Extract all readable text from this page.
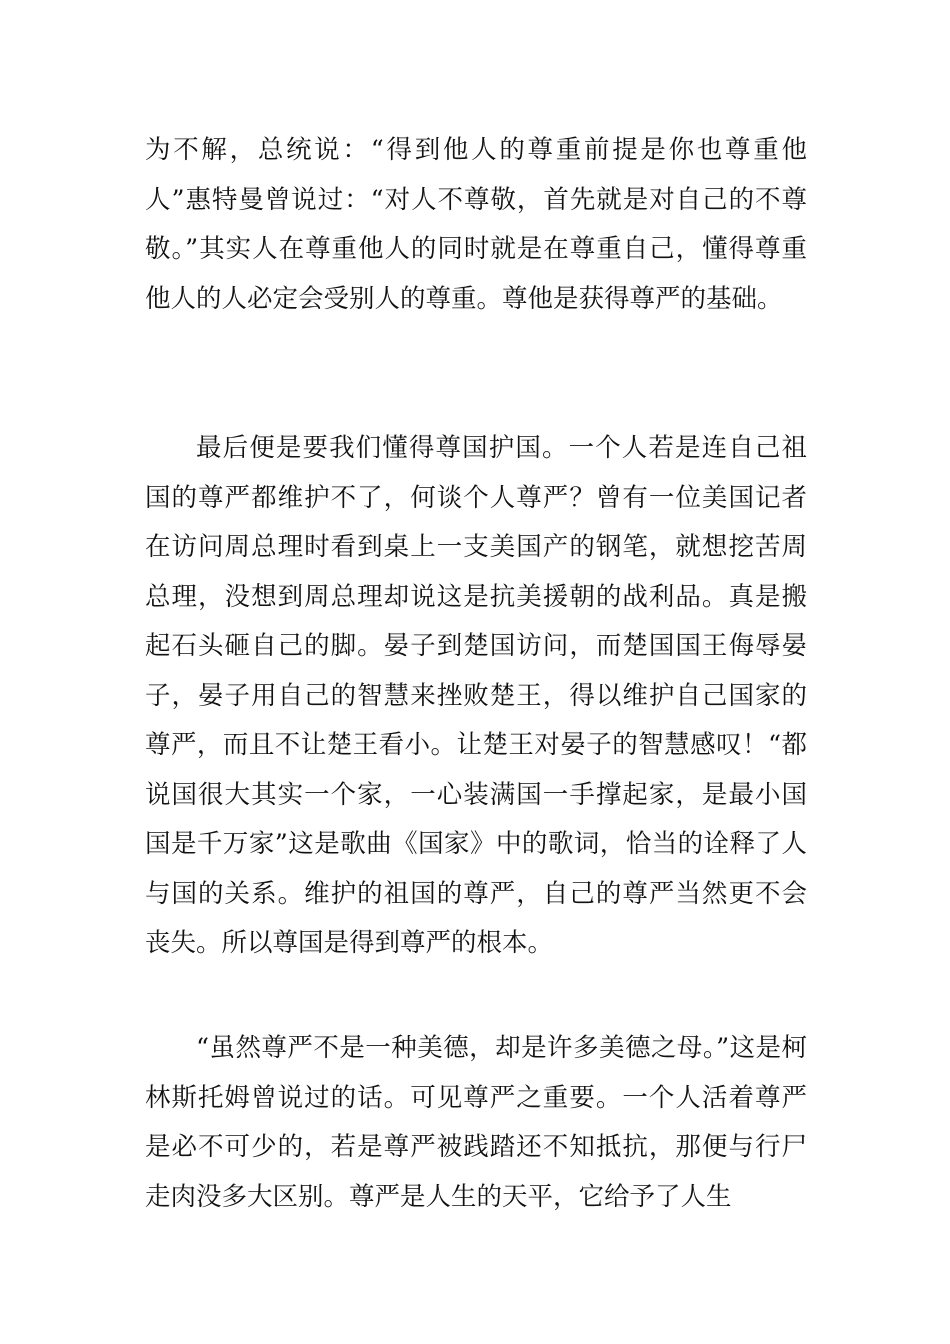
为不解，总统说：“得到他人的尊重前提是你也尊重他人”惠特曼曾说过：“对人不尊敬，首先就是对自己的不尊敬。”其实人在尊重他人的同时就是在尊重自己，懂得尊重他人的人必定会受别人的尊重。尊他是获得尊严的基础。

最后便是要我们懂得尊国护国。一个人若是连自己祖国的尊严都维护不了，何谈个人尊严？曾有一位美国记者在访问周总理时看到桌上一支美国产的钢笔，就想挖苦周总理，没想到周总理却说这是抗美援朝的战利品。真是搬起石头砸自己的脚。晏子到楚国访问，而楚国国王侮辱晏子，晏子用自己的智慧来挫败楚王，得以维护自己国家的尊严，而且不让楚王看小。让楚王对晏子的智慧感叹！“都说国很大其实一个家，一心装满国一手撑起家，是最小国国是千万家”这是歌曲《国家》中的歌词，恰当的诠释了人与国的关系。维护的祖国的尊严，自己的尊严当然更不会丧失。所以尊国是得到尊严的根本。

“虽然尊严不是一种美德，却是许多美德之母。”这是柯林斯托姆曾说过的话。可见尊严之重要。一个人活着尊严是必不可少的，若是尊严被践踏还不知抵抗，那便与行尸走肉没多大区别。尊严是人生的天平，它给予了人生
